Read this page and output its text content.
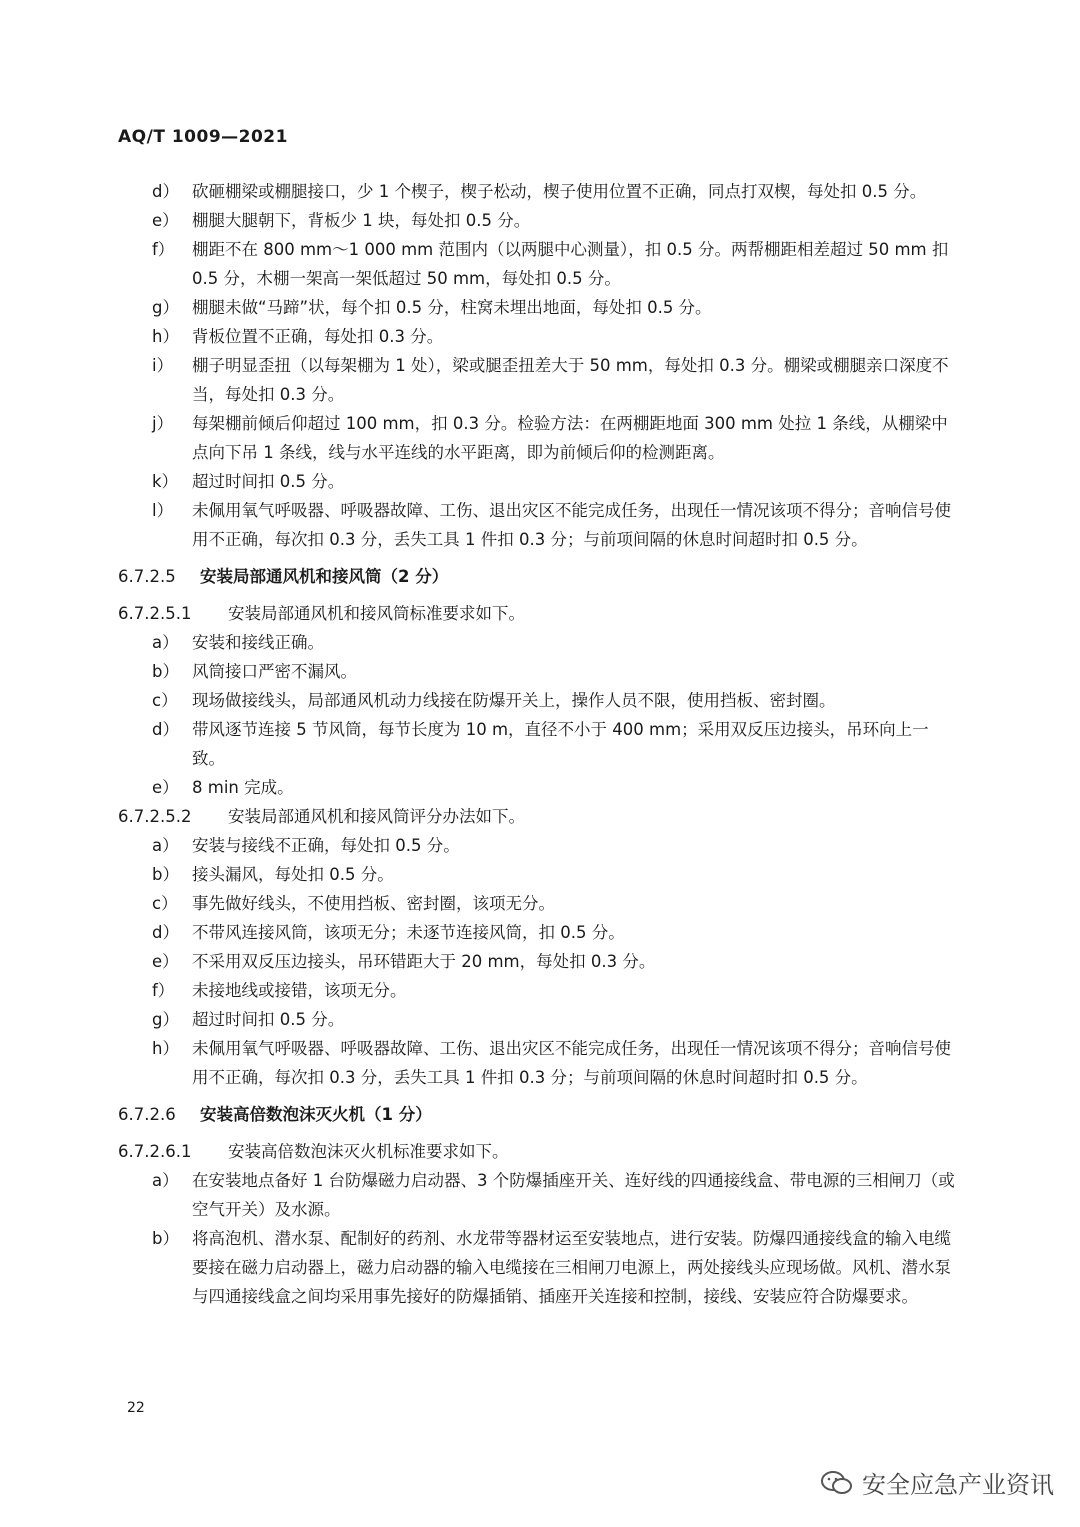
AQ/T 1009—2021
d） 砍砸棚梁或棚腿接口，少 1 个楔子，楔子松动，楔子使用位置不正确，同点打双楔，每处扣 0.5 分。
e） 棚腿大腿朝下，背板少 1 块，每处扣 0.5 分。
f） 棚距不在 800 mm～1 000 mm 范围内（以两腿中心测量），扣 0.5 分。两帮棚距相差超过 50 mm 扣 0.5 分，木棚一架高一架低超过 50 mm，每处扣 0.5 分。
g） 棚腿未做“马蹄”状，每个扣 0.5 分，柱窝未埋出地面，每处扣 0.5 分。
h） 背板位置不正确，每处扣 0.3 分。
i） 棚子明显歪扭（以每架棚为 1 处），梁或腿歪扭差大于 50 mm，每处扣 0.3 分。棚梁或棚腿亲口深度不当，每处扣 0.3 分。
j） 每架棚前倾后仰超过 100 mm，扣 0.3 分。检验方法：在两棚距地面 300 mm 处拉 1 条线，从棚梁中点向下吊 1 条线，线与水平连线的水平距离，即为前倾后仰的检测距离。
k） 超过时间扣 0.5 分。
l） 未佩用氧气呼吸器、呼吸器故障、工伤、退出灾区不能完成任务，出现任一情况该项不得分；音响信号使用不正确，每次扣 0.3 分，丢失工具 1 件扣 0.3 分；与前项间隔的休息时间超时扣 0.5 分。
6.7.2.5 安装局部通风机和接风筒（2 分）
6.7.2.5.1 安装局部通风机和接风筒标准要求如下。
a） 安装和接线正确。
b） 风筒接口严密不漏风。
c） 现场做接线头，局部通风机动力线接在防爆开关上，操作人员不限，使用挡板、密封圈。
d） 带风逐节连接 5 节风筒，每节长度为 10 m，直径不小于 400 mm；采用双反压边接头，吊环向上一致。
e） 8 min 完成。
6.7.2.5.2 安装局部通风机和接风筒评分办法如下。
a） 安装与接线不正确，每处扣 0.5 分。
b） 接头漏风，每处扣 0.5 分。
c） 事先做好线头，不使用挡板、密封圈，该项无分。
d） 不带风连接风筒，该项无分；未逐节连接风筒，扣 0.5 分。
e） 不采用双反压边接头，吊环错距大于 20 mm，每处扣 0.3 分。
f） 未接地线或接错，该项无分。
g） 超过时间扣 0.5 分。
h） 未佩用氧气呼吸器、呼吸器故障、工伤、退出灾区不能完成任务，出现任一情况该项不得分；音响信号使用不正确，每次扣 0.3 分，丢失工具 1 件扣 0.3 分；与前项间隔的休息时间超时扣 0.5 分。
6.7.2.6 安装高倍数泡沫灭火机（1 分）
6.7.2.6.1 安装高倍数泡沫灭火机标准要求如下。
a） 在安装地点备好 1 台防爆磁力启动器、3 个防爆插座开关、连好线的四通接线盒、带电源的三相闸刀（或空气开关）及水源。
b） 将高泡机、潜水泵、配制好的药剂、水龙带等器材运至安装地点，进行安装。防爆四通接线盒的输入电缆要接在磁力启动器上，磁力启动器的输入电缆接在三相闸刀电源上，两处接线头应现场做。风机、潜水泵与四通接线盒之间均采用事先接好的防爆插销、插座开关连接和控制，接线、安装应符合防爆要求。
22
安全应急产业资讯
